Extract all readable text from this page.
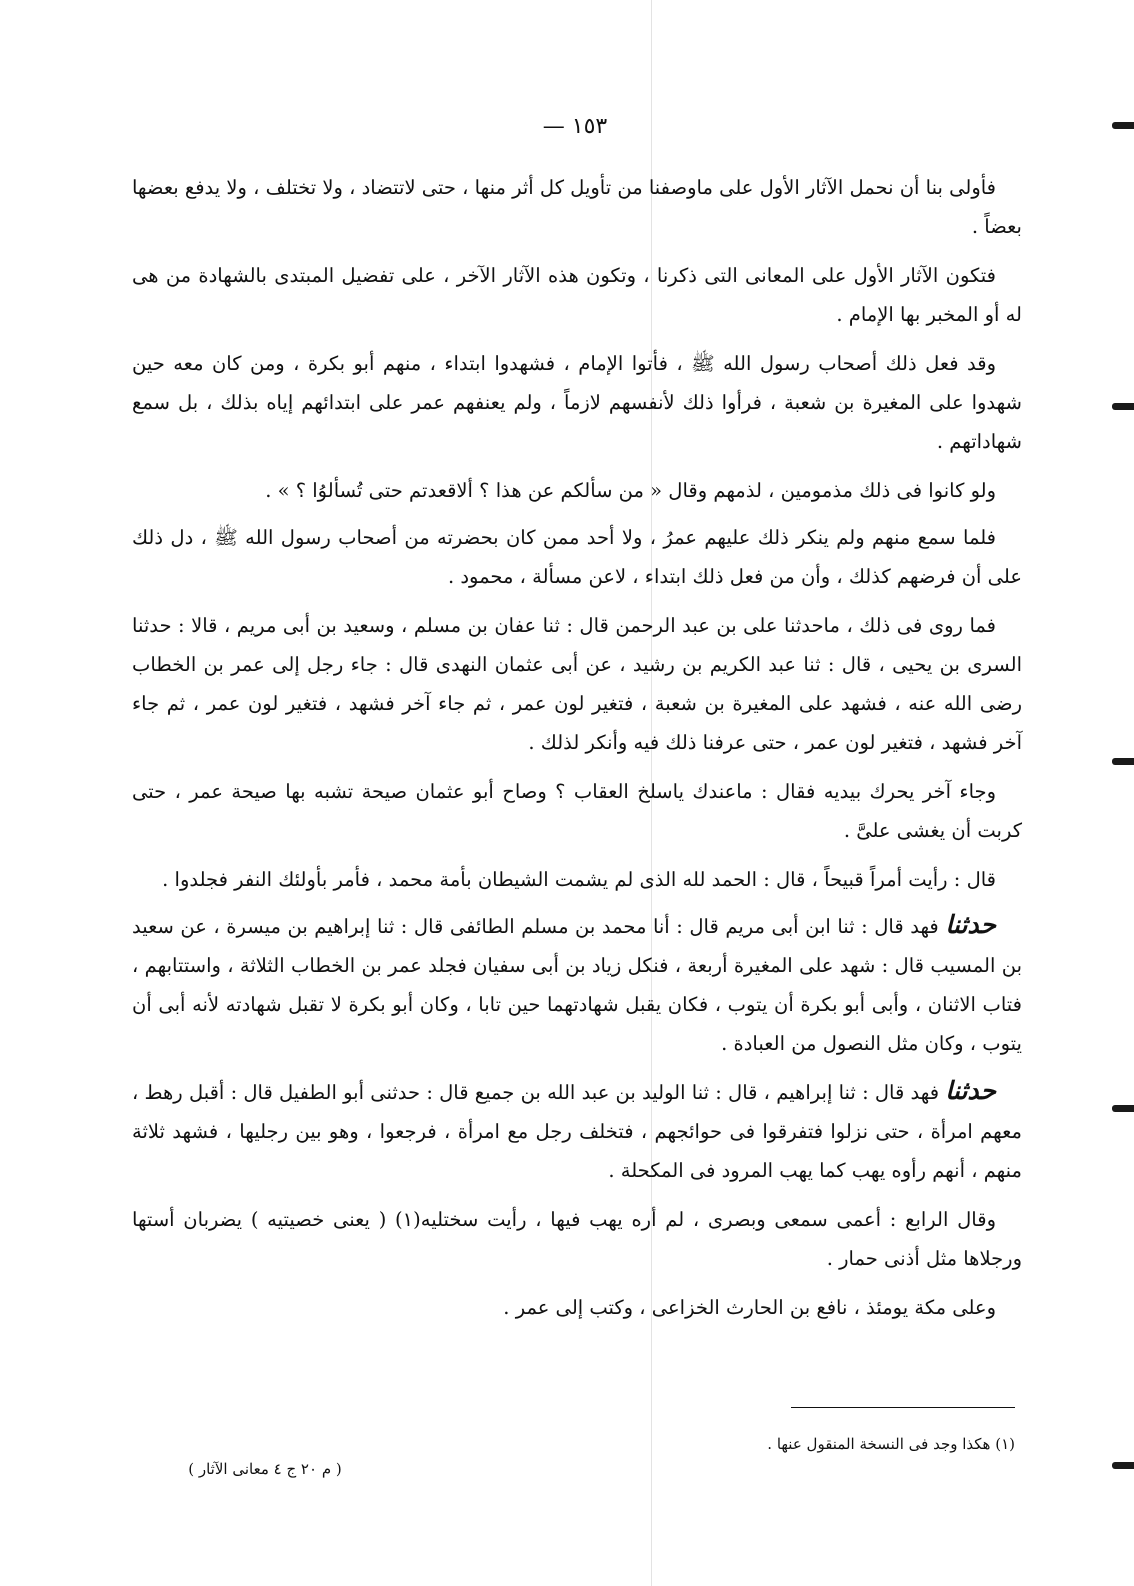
١٥٣ —

فأولى بنا أن نحمل الآثار الأول على ماوصفنا من تأويل كل أثر منها ، حتى لاتتضاد ، ولا تختلف ، ولا يدفع بعضها بعضاً .

فتكون الآثار الأول على المعانى التى ذكرنا ، وتكون هذه الآثار الآخر ، على تفضيل المبتدى بالشهادة من هى له أو المخبر بها الإمام .

وقد فعل ذلك أصحاب رسول الله ﷺ ، فأتوا الإمام ، فشهدوا ابتداء ، منهم أبو بكرة ، ومن كان معه حين شهدوا على المغيرة بن شعبة ، فرأوا ذلك لأنفسهم لازماً ، ولم يعنفهم عمر على ابتدائهم إياه بذلك ، بل سمع شهاداتهم .

ولو كانوا فى ذلك مذمومين ، لذمهم وقال « من سألكم عن هذا ؟ ألاقعدتم حتى تُسألوُا ؟ » .

فلما سمع منهم ولم ينكر ذلك عليهم عمرُ ، ولا أحد ممن كان بحضرته من أصحاب رسول الله ﷺ ، دل ذلك على أن فرضهم كذلك ، وأن من فعل ذلك ابتداء ، لاعن مسألة ، محمود .

فما روى فى ذلك ، ماحدثنا على بن عبد الرحمن قال : ثنا عفان بن مسلم ، وسعيد بن أبى مريم ، قالا : حدثنا السرى بن يحيى ، قال : ثنا عبد الكريم بن رشيد ، عن أبى عثمان النهدى قال : جاء رجل إلى عمر بن الخطاب رضى الله عنه ، فشهد على المغيرة بن شعبة ، فتغير لون عمر ، ثم جاء آخر فشهد ، فتغير لون عمر ، ثم جاء آخر فشهد ، فتغير لون عمر ، حتى عرفنا ذلك فيه وأنكر لذلك .

وجاء آخر يحرك بيديه فقال : ماعندك ياسلخ العقاب ؟ وصاح أبو عثمان صيحة تشبه بها صيحة عمر ، حتى كربت أن يغشى علىَّ .

قال : رأيت أمراً قبيحاً ، قال : الحمد لله الذى لم يشمت الشيطان بأمة محمد ، فأمر بأولئك النفر فجلدوا .

حدثنا فهد قال : ثنا ابن أبى مريم قال : أنا محمد بن مسلم الطائفى قال : ثنا إبراهيم بن ميسرة ، عن سعيد بن المسيب قال : شهد على المغيرة أربعة ، فنكل زياد بن أبى سفيان فجلد عمر بن الخطاب الثلاثة ، واستتابهم ، فتاب الاثنان ، وأبى أبو بكرة أن يتوب ، فكان يقبل شهادتهما حين تابا ، وكان أبو بكرة لا تقبل شهادته لأنه أبى أن يتوب ، وكان مثل النصول من العبادة .

حدثنا فهد قال : ثنا إبراهيم ، قال : ثنا الوليد بن عبد الله بن جميع قال : حدثنى أبو الطفيل قال : أقبل رهط ، معهم امرأة ، حتى نزلوا فتفرقوا فى حوائجهم ، فتخلف رجل مع امرأة ، فرجعوا ، وهو بين رجليها ، فشهد ثلاثة منهم ، أنهم رأوه يهب كما يهب المرود فى المكحلة .

وقال الرابع : أعمى سمعى وبصرى ، لم أره يهب فيها ، رأيت سختليه(١) ( يعنى خصيتيه ) يضربان أستها ورجلاها مثل أذنى حمار .

وعلى مكة يومئذ ، نافع بن الحارث الخزاعى ، وكتب إلى عمر .

(١) هكذا وجد فى النسخة المنقول عنها .
( م ٢٠ ج ٤ معانى الآثار )
